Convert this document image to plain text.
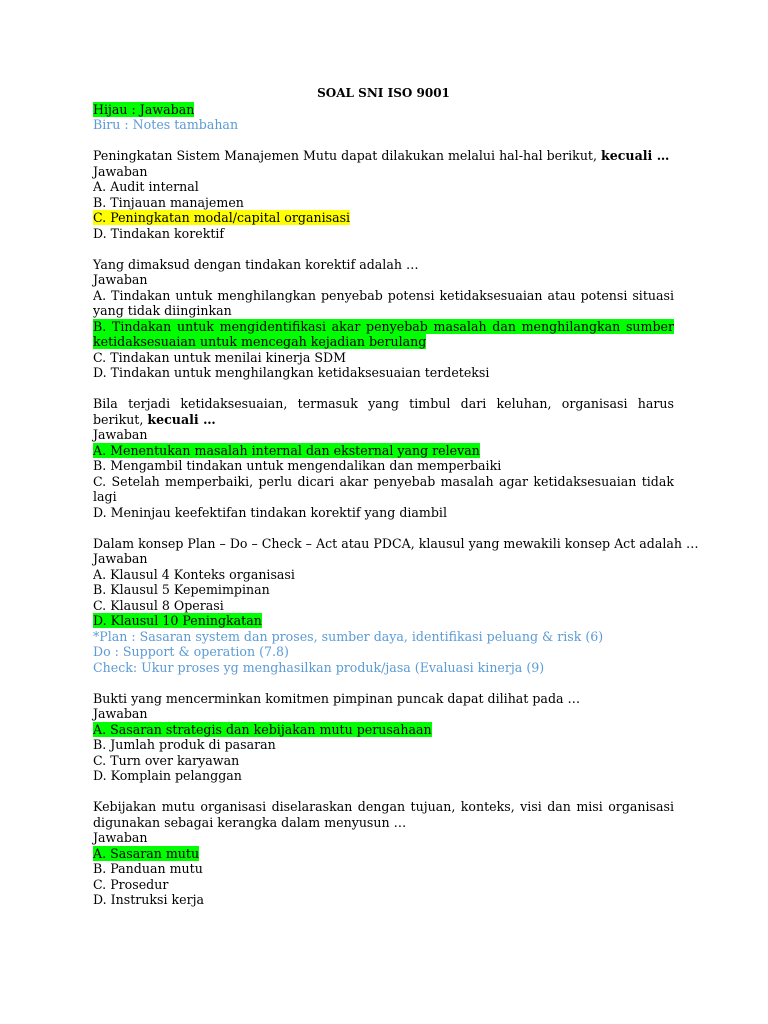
SOAL SNI ISO 9001
Hijau : Jawaban
Biru : Notes tambahan
Peningkatan Sistem Manajemen Mutu dapat dilakukan melalui hal-hal berikut, kecuali …
Jawaban
A. Audit internal
B. Tinjauan manajemen
C. Peningkatan modal/capital organisasi
D. Tindakan korektif
Yang dimaksud dengan tindakan korektif adalah …
Jawaban
A. Tindakan untuk menghilangkan penyebab potensi ketidaksesuaian atau potensi situasi
yang tidak diinginkan
B. Tindakan untuk mengidentifikasi akar penyebab masalah dan menghilangkan sumber
ketidaksesuaian untuk mencegah kejadian berulang
C. Tindakan untuk menilai kinerja SDM
D. Tindakan untuk menghilangkan ketidaksesuaian terdeteksi
Bila terjadi ketidaksesuaian, termasuk yang timbul dari keluhan, organisasi harus
berikut, kecuali …
Jawaban
A. Menentukan masalah internal dan eksternal yang relevan
B. Mengambil tindakan untuk mengendalikan dan memperbaiki
C. Setelah memperbaiki, perlu dicari akar penyebab masalah agar ketidaksesuaian tidak
lagi
D. Meninjau keefektifan tindakan korektif yang diambil
Dalam konsep Plan – Do – Check – Act atau PDCA, klausul yang mewakili konsep Act adalah …
Jawaban
A. Klausul 4 Konteks organisasi
B. Klausul 5 Kepemimpinan
C. Klausul 8 Operasi
D. Klausul 10 Peningkatan
*Plan : Sasaran system dan proses, sumber daya, identifikasi peluang & risk (6)
Do : Support & operation (7.8)
Check: Ukur proses yg menghasilkan produk/jasa (Evaluasi kinerja (9)
Bukti yang mencerminkan komitmen pimpinan puncak dapat dilihat pada …
Jawaban
A. Sasaran strategis dan kebijakan mutu perusahaan
B. Jumlah produk di pasaran
C. Turn over karyawan
D. Komplain pelanggan
Kebijakan mutu organisasi diselaraskan dengan tujuan, konteks, visi dan misi organisasi
digunakan sebagai kerangka dalam menyusun …
Jawaban
A. Sasaran mutu
B. Panduan mutu
C. Prosedur
D. Instruksi kerja
